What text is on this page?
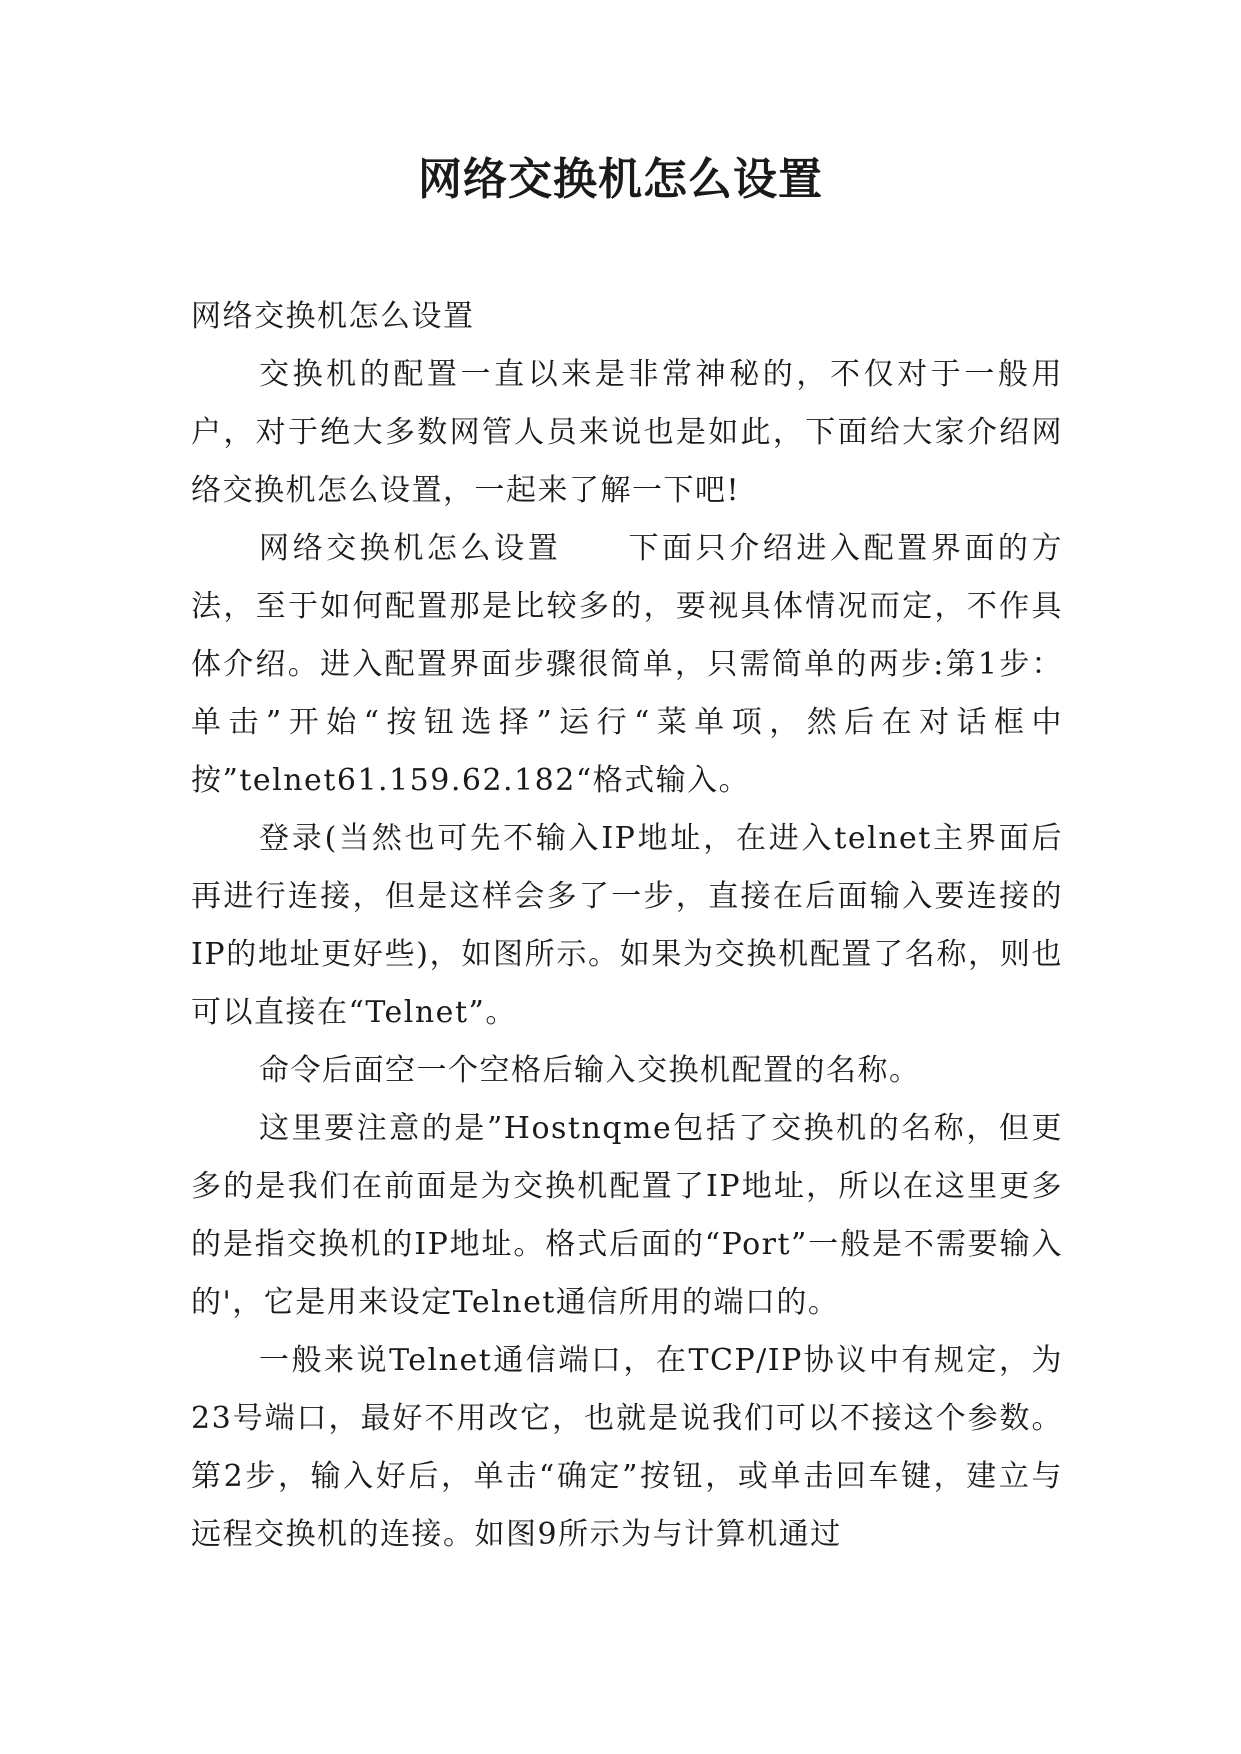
网络交换机怎么设置

网络交换机怎么设置

交换机的配置一直以来是非常神秘的，不仅对于一般用户，对于绝大多数网管人员来说也是如此，下面给大家介绍网络交换机怎么设置，一起来了解一下吧!

网络交换机怎么设置　　下面只介绍进入配置界面的方法，至于如何配置那是比较多的，要视具体情况而定，不作具体介绍。进入配置界面步骤很简单，只需简单的两步:第1步：单击”开始“按钮选择”运行“菜单项，然后在对话框中按”telnet61.159.62.182“格式输入。

登录(当然也可先不输入IP地址，在进入telnet主界面后再进行连接，但是这样会多了一步，直接在后面输入要连接的IP的地址更好些)，如图所示。如果为交换机配置了名称，则也可以直接在“Telnet”。

命令后面空一个空格后输入交换机配置的名称。

这里要注意的是”Hostnqme包括了交换机的名称，但更多的是我们在前面是为交换机配置了IP地址，所以在这里更多的是指交换机的IP地址。格式后面的“Port”一般是不需要输入的'，它是用来设定Telnet通信所用的端口的。

一般来说Telnet通信端口，在TCP/IP协议中有规定，为23号端口，最好不用改它，也就是说我们可以不接这个参数。第2步，输入好后，单击“确定”按钮，或单击回车键，建立与远程交换机的连接。如图9所示为与计算机通过
